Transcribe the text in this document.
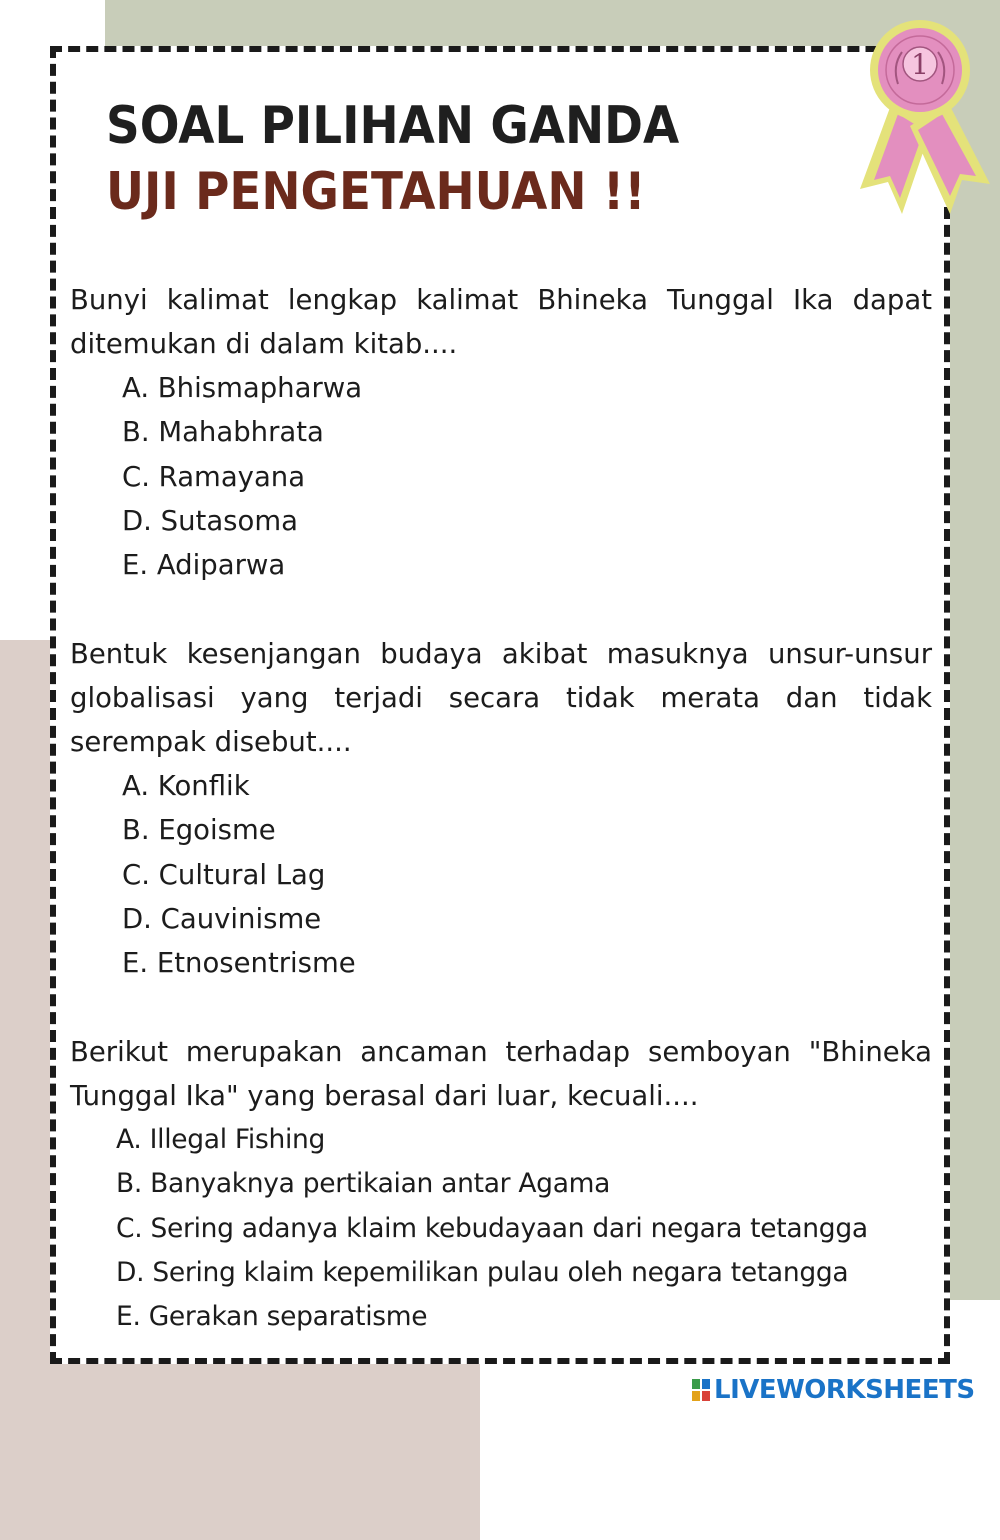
SOAL PILIHAN GANDA
UJI PENGETAHUAN !!
1

Bunyi kalimat lengkap kalimat Bhineka Tunggal Ika dapat ditemukan di dalam kitab....

A. Bhismapharwa
B. Mahabhrata
C. Ramayana
D. Sutasoma
E. Adiparwa

Bentuk kesenjangan budaya akibat masuknya unsur-unsur globalisasi yang terjadi secara tidak merata dan tidak serempak disebut....

A. Konflik
B. Egoisme
C. Cultural Lag
D. Cauvinisme
E. Etnosentrisme

Berikut merupakan ancaman terhadap semboyan "Bhineka Tunggal Ika" yang berasal dari luar, kecuali....

A. Illegal Fishing
B. Banyaknya pertikaian antar Agama
C. Sering adanya klaim kebudayaan dari negara tetangga
D. Sering klaim kepemilikan pulau oleh negara tetangga
E. Gerakan separatisme
LIVEWORKSHEETS
